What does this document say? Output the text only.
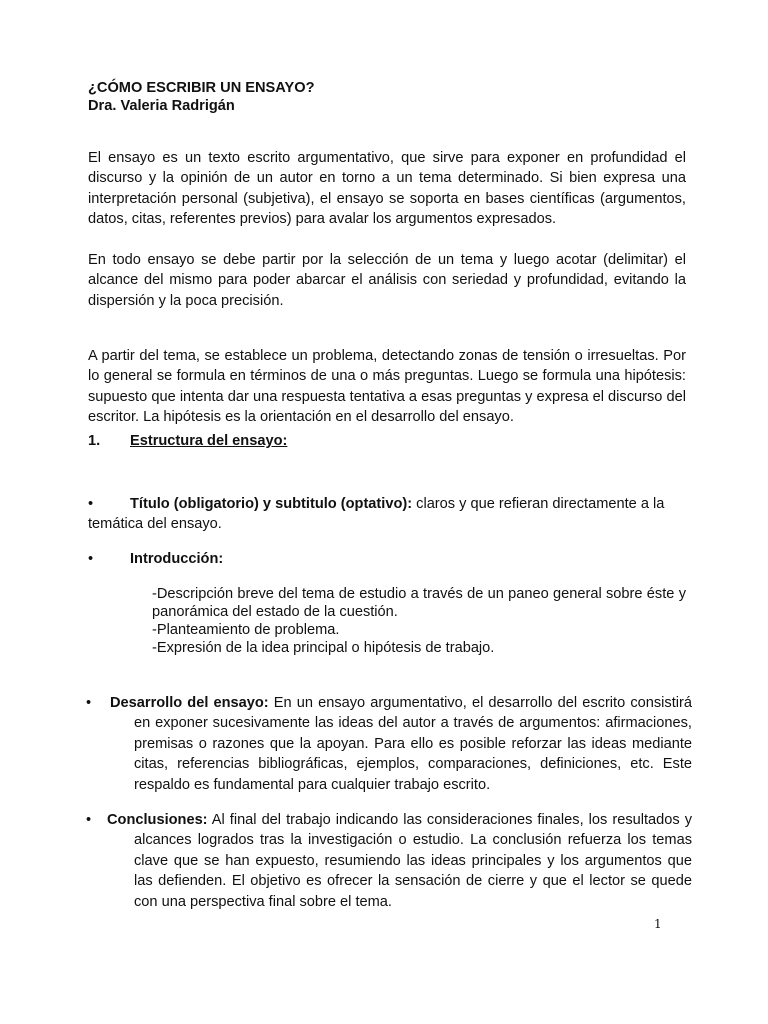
¿CÓMO ESCRIBIR UN ENSAYO?
Dra. Valeria Radrigán

El ensayo es un texto escrito argumentativo, que sirve para exponer en profundidad el discurso y la opinión de un autor en torno a un tema determinado. Si bien expresa una interpretación personal (subjetiva), el ensayo se soporta en bases científicas (argumentos, datos, citas, referentes previos) para avalar los argumentos expresados.

En todo ensayo se debe partir por la selección de un tema y luego acotar (delimitar) el alcance del mismo para poder abarcar el análisis con seriedad y profundidad, evitando la dispersión y la poca precisión.

A partir del tema, se establece un problema, detectando zonas de tensión o irresueltas. Por lo general se formula en términos de una o más preguntas. Luego se formula una hipótesis: supuesto que intenta dar una respuesta tentativa a esas preguntas y expresa el discurso del escritor. La hipótesis es la orientación en el desarrollo del ensayo.

1. Estructura del ensayo:
•	Título (obligatorio) y subtitulo (optativo): claros y que refieran directamente a la temática del ensayo.
•	Introducción:
-Descripción breve del tema de estudio a través de un paneo general sobre éste y panorámica del estado de la cuestión.
-Planteamiento de problema.
-Expresión de la idea principal o hipótesis de trabajo.
• Desarrollo del ensayo: En un ensayo argumentativo, el desarrollo del escrito consistirá en exponer sucesivamente las ideas del autor a través de argumentos: afirmaciones, premisas o razones que la apoyan. Para ello es posible reforzar las ideas mediante citas, referencias bibliográficas, ejemplos, comparaciones, definiciones, etc. Este respaldo es fundamental para cualquier trabajo escrito.
• Conclusiones: Al final del trabajo indicando las consideraciones finales, los resultados y alcances logrados tras la investigación o estudio. La conclusión refuerza los temas clave que se han expuesto, resumiendo las ideas principales y los argumentos que las defienden. El objetivo es ofrecer la sensación de cierre y que el lector se quede con una perspectiva final sobre el tema.
1
